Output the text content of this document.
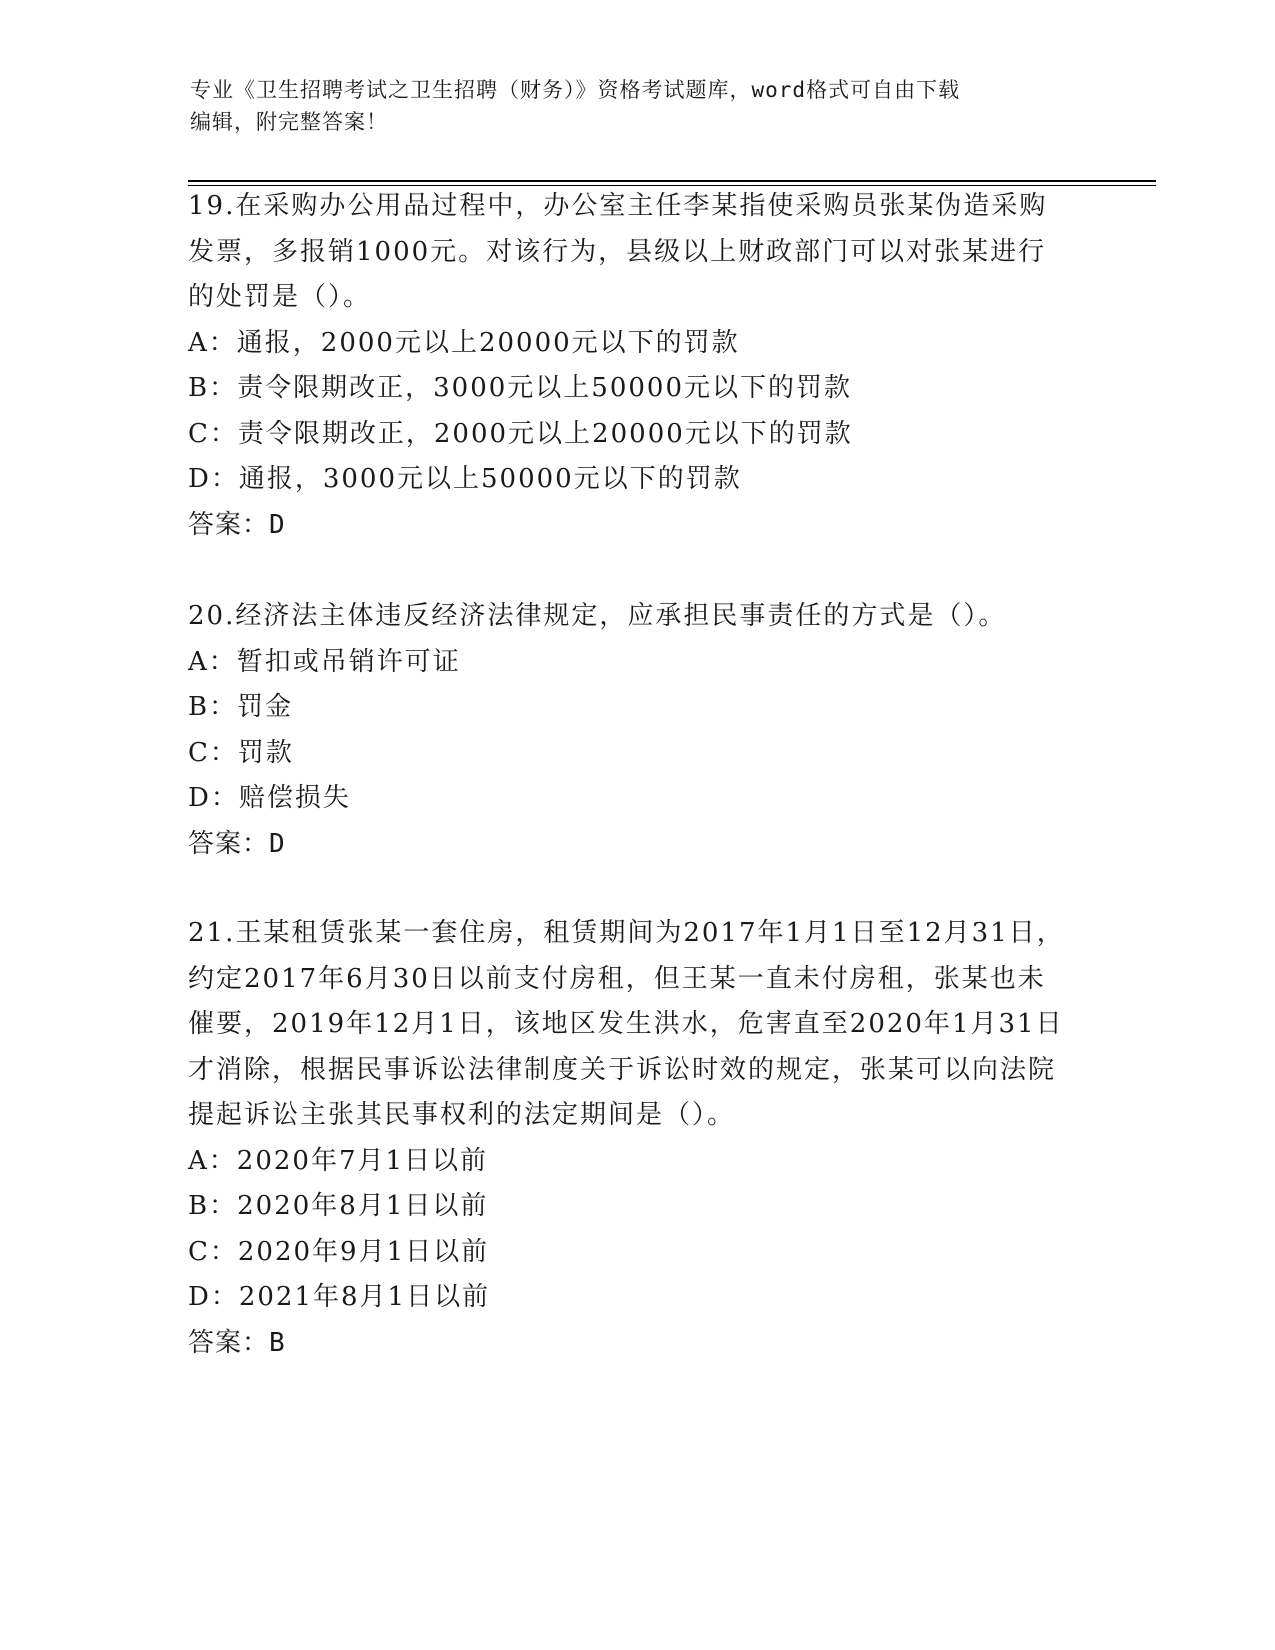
专业《卫生招聘考试之卫生招聘（财务）》资格考试题库，word格式可自由下载
编辑，附完整答案！

19.在采购办公用品过程中，办公室主任李某指使采购员张某伪造采购发票，多报销1000元。对该行为，县级以上财政部门可以对张某进行的处罚是（）。

A：通报，2000元以上20000元以下的罚款

B：责令限期改正，3000元以上50000元以下的罚款

C：责令限期改正，2000元以上20000元以下的罚款

D：通报，3000元以上50000元以下的罚款

答案：D

20.经济法主体违反经济法律规定，应承担民事责任的方式是（）。

A：暂扣或吊销许可证

B：罚金

C：罚款

D：赔偿损失

答案：D

21.王某租赁张某一套住房，租赁期间为2017年1月1日至12月31日，约定2017年6月30日以前支付房租，但王某一直未付房租，张某也未催要，2019年12月1日，该地区发生洪水，危害直至2020年1月31日才消除，根据民事诉讼法律制度关于诉讼时效的规定，张某可以向法院提起诉讼主张其民事权利的法定期间是（）。

A：2020年7月1日以前

B：2020年8月1日以前

C：2020年9月1日以前

D：2021年8月1日以前

答案：B
